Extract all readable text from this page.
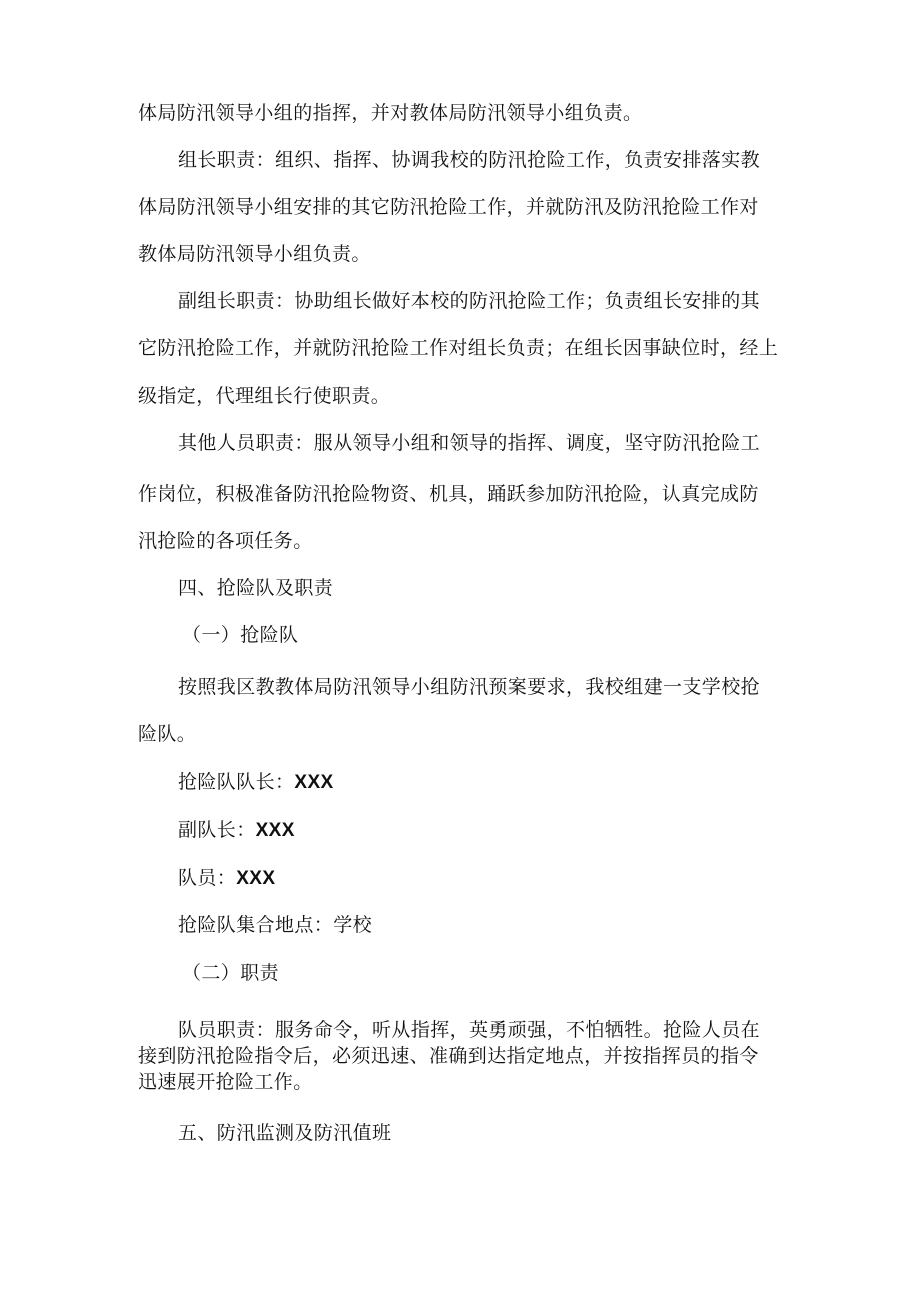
体局防汛领导小组的指挥，并对教体局防汛领导小组负责。

组长职责：组织、指挥、协调我校的防汛抢险工作，负责安排落实教

体局防汛领导小组安排的其它防汛抢险工作，并就防汛及防汛抢险工作对

教体局防汛领导小组负责。

副组长职责：协助组长做好本校的防汛抢险工作；负责组长安排的其

它防汛抢险工作，并就防汛抢险工作对组长负责；在组长因事缺位时，经上

级指定，代理组长行使职责。

其他人员职责：服从领导小组和领导的指挥、调度，坚守防汛抢险工

作岗位，积极准备防汛抢险物资、机具，踊跃参加防汛抢险，认真完成防

汛抢险的各项任务。

四、抢险队及职责

（一）抢险队

按照我区教教体局防汛领导小组防汛预案要求，我校组建一支学校抢

险队。

抢险队队长：XXX

副队长：XXX

队员：XXX

抢险队集合地点：学校

（二）职责

队员职责：服务命令，听从指挥，英勇顽强，不怕牺牲。抢险人员在

接到防汛抢险指令后，必须迅速、准确到达指定地点，并按指挥员的指令

迅速展开抢险工作。

五、防汛监测及防汛值班
